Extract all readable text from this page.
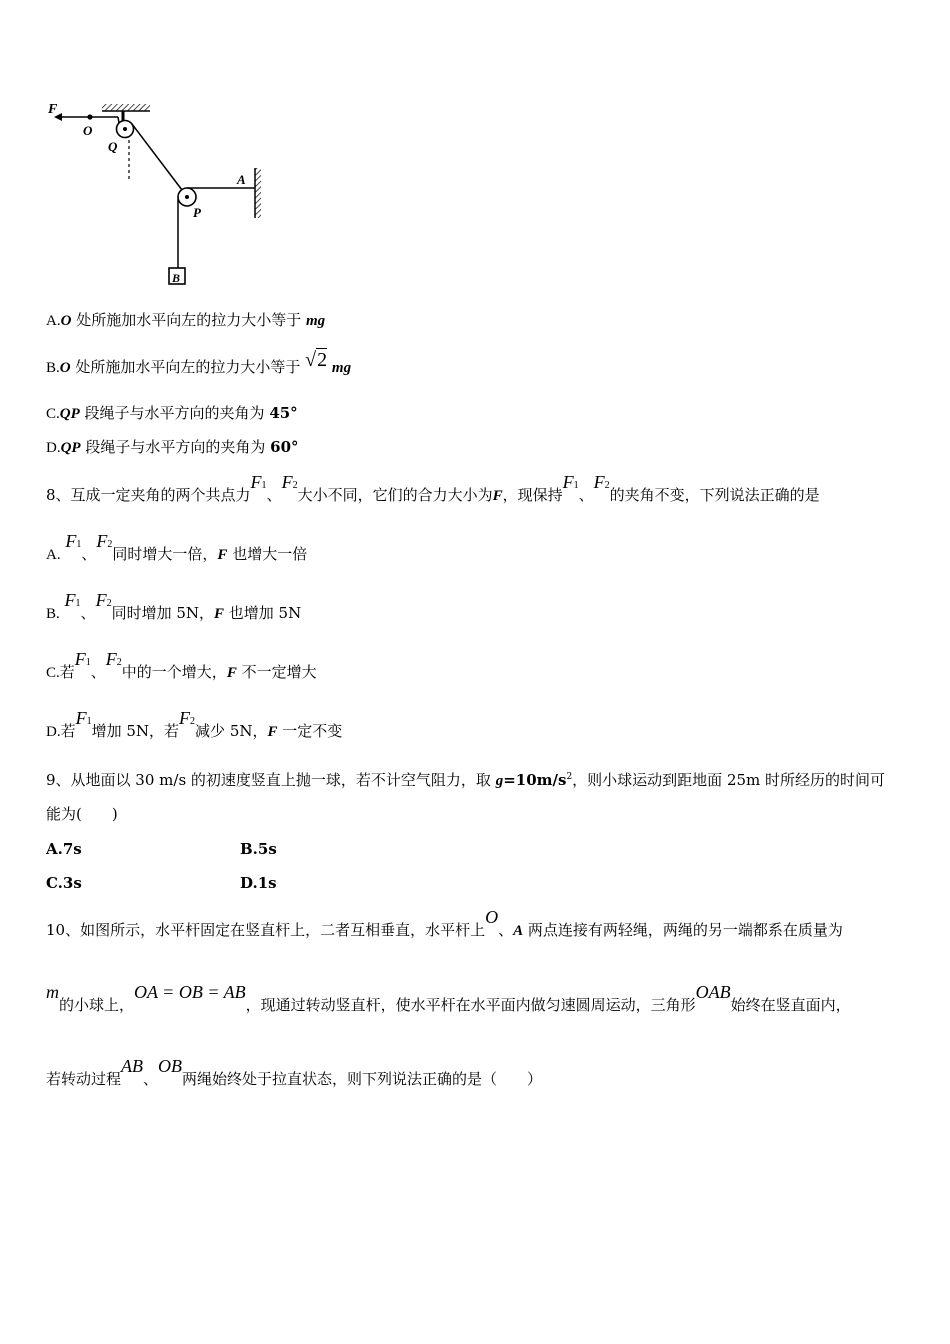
F
O
Q
A
P
B
A.O 处所施加水平向左的拉力大小等于 mg
B.O 处所施加水平向左的拉力大小等于 √2 mg
C.QP 段绳子与水平方向的夹角为 45°
D.QP 段绳子与水平方向的夹角为 60°
8、互成一定夹角的两个共点力F1、F2大小不同，它们的合力大小为F，现保持F1、F2的夹角不变，下列说法正确的是
A. F1、F2同时增大一倍，F 也增大一倍
B. F1、F2同时增加 5N，F 也增加 5N
C.若F1、F2中的一个增大，F 不一定增大
D.若F1增加 5N，若F2减少 5N，F 一定不变
9、从地面以 30 m/s 的初速度竖直上抛一球，若不计空气阻力，取 $g=10m/s^2$，则小球运动到距地面 25m 时所经历的时间可
能为(　　)
A.7s	B.5s
C.3s	D.1s
10、如图所示，水平杆固定在竖直杆上，二者互相垂直，水平杆上O、A 两点连接有两轻绳，两绳的另一端都系在质量为
m的小球上，OA = OB = AB，现通过转动竖直杆，使水平杆在水平面内做匀速圆周运动，三角形OAB始终在竖直面内，
若转动过程AB、OB两绳始终处于拉直状态，则下列说法正确的是（　　）
